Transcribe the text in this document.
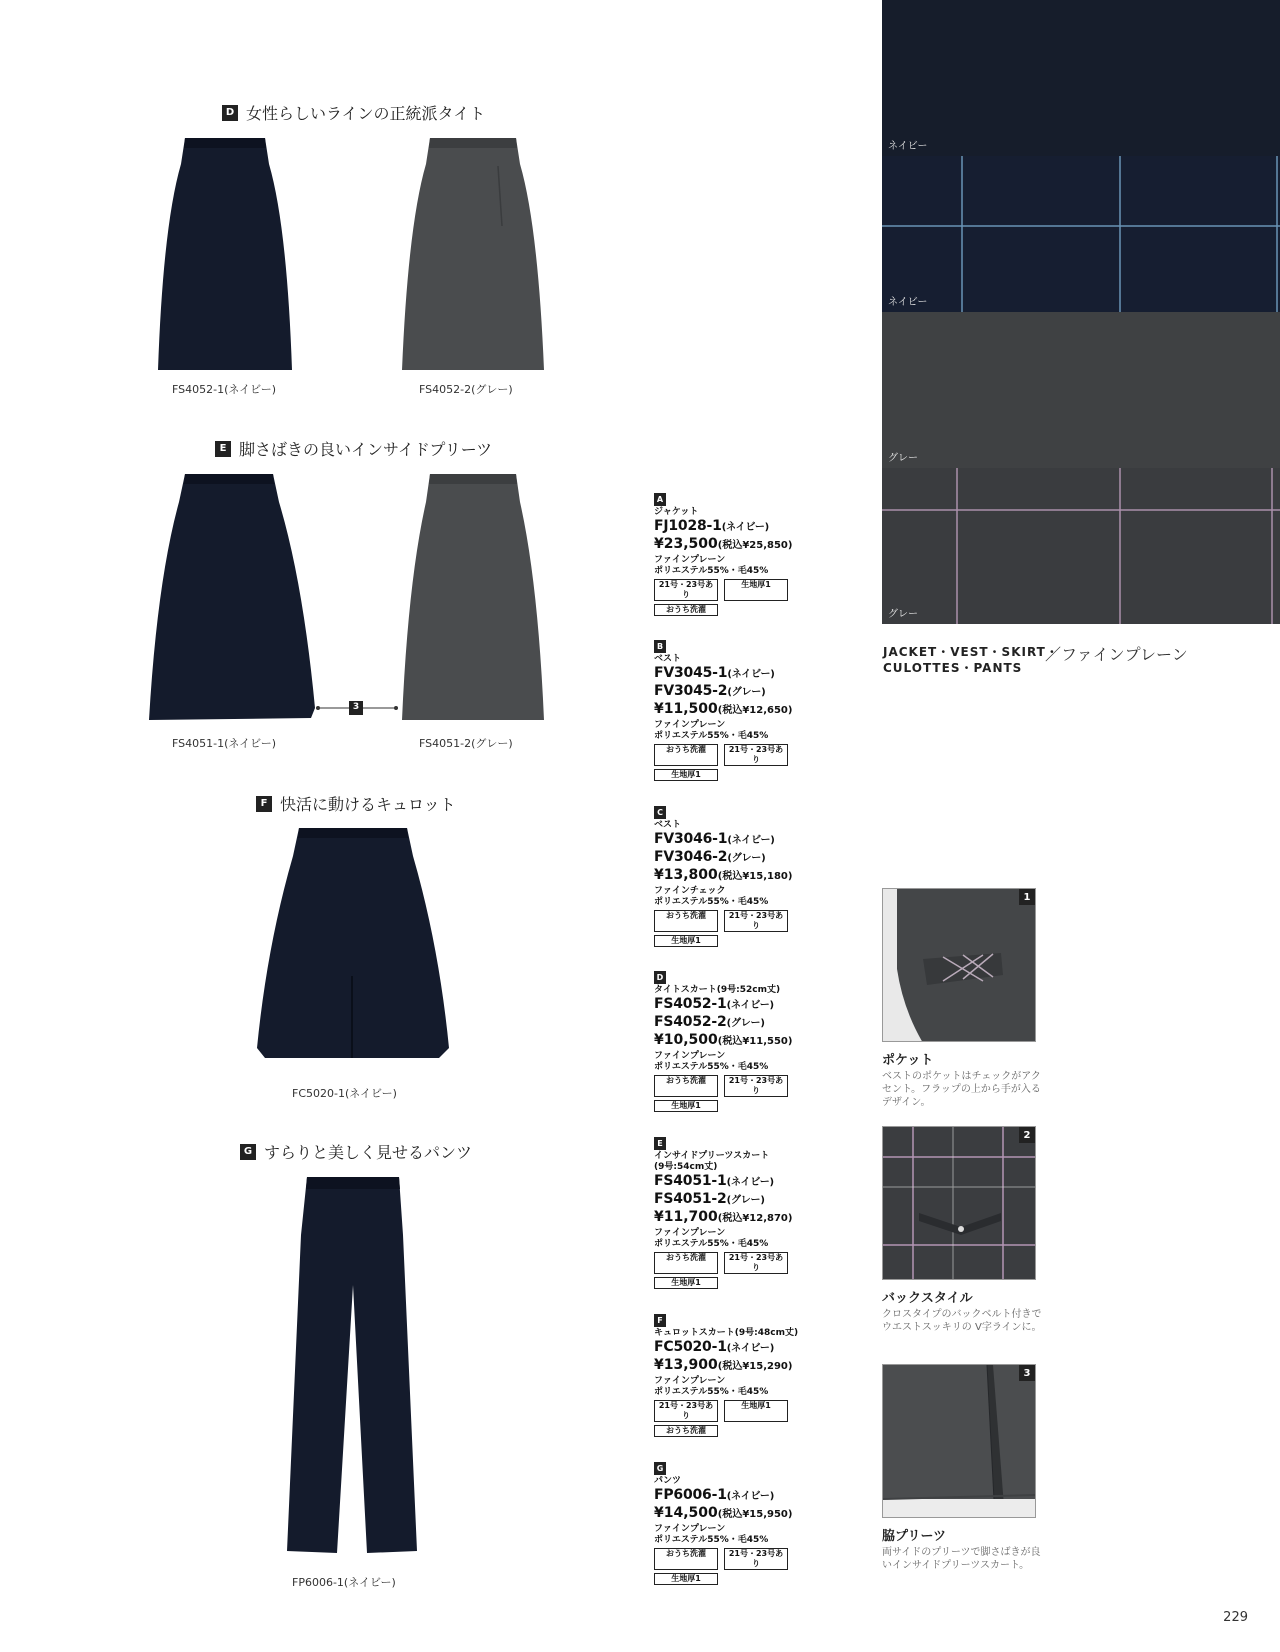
D 女性らしいラインの正統派タイト
E 脚さばきの良いインサイドプリーツ
F 快活に動けるキュロット
G すらりと美しく見せるパンツ
FS4052-1(ネイビー)	FS4052-2(グレー)
FS4051-1(ネイビー)
3
FS4051-2(グレー)
FC5020-1(ネイビー)
FP6006-1(ネイビー)
ネイビー
ネイビー
グレー
グレー
JACKET・VEST・SKIRT・
CULOTTES・PANTS
／ファインプレーン
A
ジャケット
FJ1028-1(ネイビー)
¥23,500(税込¥25,850)
ファインプレーン
ポリエステル55%・毛45%
21号・23号あり
生地厚1
おうち洗濯
B
ベスト
FV3045-1(ネイビー)
FV3045-2(グレー)
¥11,500(税込¥12,650)
ファインプレーン
ポリエステル55%・毛45%
おうち洗濯	21号・23号あり
生地厚1
C
ベスト
FV3046-1(ネイビー)
FV3046-2(グレー)
¥13,800(税込¥15,180)
ファインチェック
ポリエステル55%・毛45%
おうち洗濯	21号・23号あり
生地厚1
D
タイトスカート(9号:52cm丈)
FS4052-1(ネイビー)
FS4052-2(グレー)
¥10,500(税込¥11,550)
ファインプレーン
ポリエステル55%・毛45%
おうち洗濯	21号・23号あり
生地厚1
E
インサイドプリーツスカート (9号:54cm丈)
FS4051-1(ネイビー)
FS4051-2(グレー)
¥11,700(税込¥12,870)
ファインプレーン
ポリエステル55%・毛45%
おうち洗濯	21号・23号あり
生地厚1
F
キュロットスカート(9号:48cm丈)
FC5020-1(ネイビー)
¥13,900(税込¥15,290)
ファインプレーン
ポリエステル55%・毛45%
21号・23号あり
生地厚1
おうち洗濯
G
パンツ
FP6006-1(ネイビー)
¥14,500(税込¥15,950)
ファインプレーン
ポリエステル55%・毛45%
おうち洗濯	21号・23号あり
生地厚1
1
ポケット
ベストのポケットはチェックがアクセント。フラップの上から手が入るデザイン。
2
バックスタイル
クロスタイプのバックベルト付きでウエストスッキリの V字ラインに。
3
脇プリーツ
両サイドのプリーツで脚さばきが良いインサイドプリーツスカート。
229
